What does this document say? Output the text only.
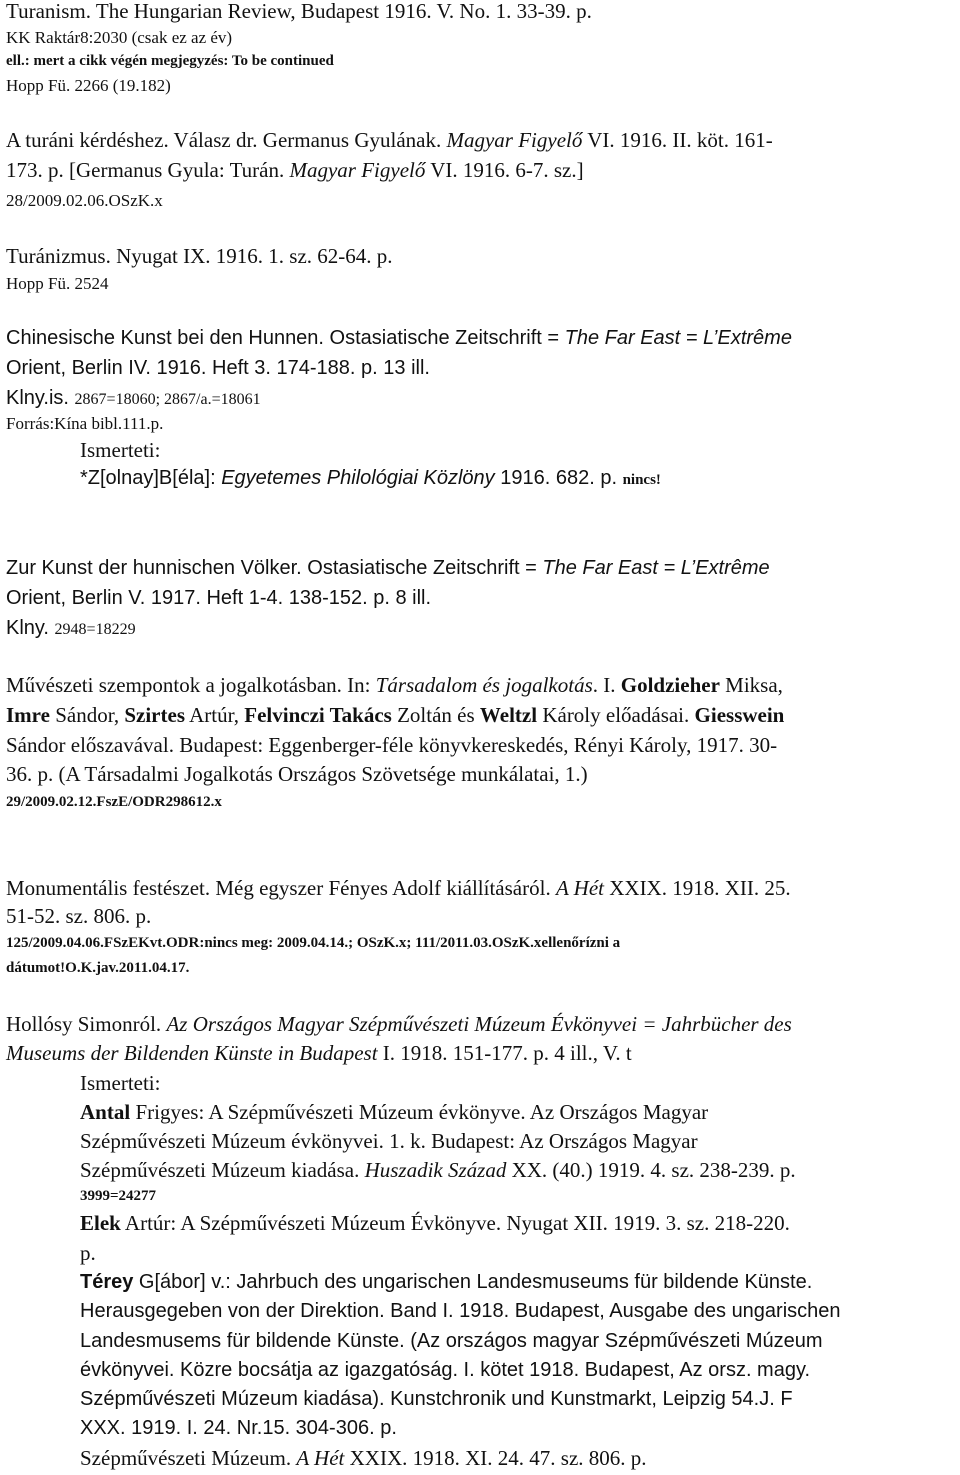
Turanism. The Hungarian Review, Budapest 1916. V. No. 1. 33-39. p.
KK Raktár8:2030 (csak ez az év)
ell.: mert a cikk végén megjegyzés: To be continued
Hopp Fü. 2266 (19.182)
A turáni kérdéshez. Válasz dr. Germanus Gyulának. Magyar Figyelő VI. 1916. II. köt. 161-
173. p. [Germanus Gyula: Turán. Magyar Figyelő VI. 1916. 6-7. sz.]
28/2009.02.06.OSzK.x
Turánizmus. Nyugat IX. 1916. 1. sz. 62-64. p.
Hopp Fü. 2524
Chinesische Kunst bei den Hunnen. Ostasiatische Zeitschrift = The Far East = L’Extrême
Orient, Berlin IV. 1916. Heft 3. 174-188. p. 13 ill.
Klny.is. 2867=18060; 2867/a.=18061
Forrás:Kína bibl.111.p.
Ismerteti:
*Z[olnay]B[éla]: Egyetemes Philológiai Közlöny 1916. 682. p. nincs!
Zur Kunst der hunnischen Völker. Ostasiatische Zeitschrift = The Far East = L’Extrême
Orient, Berlin V. 1917. Heft 1-4. 138-152. p. 8 ill.
Klny. 2948=18229
Művészeti szempontok a jogalkotásban. In: Társadalom és jogalkotás. I. Goldzieher Miksa,
Imre Sándor, Szirtes Artúr, Felvinczi Takács Zoltán és Weltzl Károly előadásai. Giesswein
Sándor előszavával. Budapest: Eggenberger-féle könyvkereskedés, Rényi Károly, 1917. 30-
36. p. (A Társadalmi Jogalkotás Országos Szövetsége munkálatai, 1.)
29/2009.02.12.FszE/ODR298612.x
Monumentális festészet. Még egyszer Fényes Adolf kiállításáról. A Hét XXIX. 1918. XII. 25.
51-52. sz. 806. p.
125/2009.04.06.FSzEKvt.ODR:nincs meg: 2009.04.14.; OSzK.x; 111/2011.03.OSzK.xellenőrízni a
dátumot!O.K.jav.2011.04.17.
Hollósy Simonról. Az Országos Magyar Szépművészeti Múzeum Évkönyvei = Jahrbücher des
Museums der Bildenden Künste in Budapest I. 1918. 151-177. p. 4 ill., V. t
Ismerteti:
Antal Frigyes: A Szépművészeti Múzeum évkönyve. Az Országos Magyar
Szépművészeti Múzeum évkönyvei. 1. k. Budapest: Az Országos Magyar
Szépművészeti Múzeum kiadása. Huszadik Század XX. (40.) 1919. 4. sz. 238-239. p.
3999=24277
Elek Artúr: A Szépművészeti Múzeum Évkönyve. Nyugat XII. 1919. 3. sz. 218-220.
p.
Térey G[ábor] v.: Jahrbuch des ungarischen Landesmuseums für bildende Künste.
Herausgegeben von der Direktion. Band I. 1918. Budapest, Ausgabe des ungarischen
Landesmusems für bildende Künste. (Az országos magyar Szépművészeti Múzeum
évkönyvei. Közre bocsátja az igazgatóság. I. kötet 1918. Budapest, Az orsz. magy.
Szépművészeti Múzeum kiadása). Kunstchronik und Kunstmarkt, Leipzig 54.J. F
XXX. 1919. I. 24. Nr.15. 304-306. p.
Szépművészeti Múzeum. A Hét XXIX. 1918. XI. 24. 47. sz. 806. p.
